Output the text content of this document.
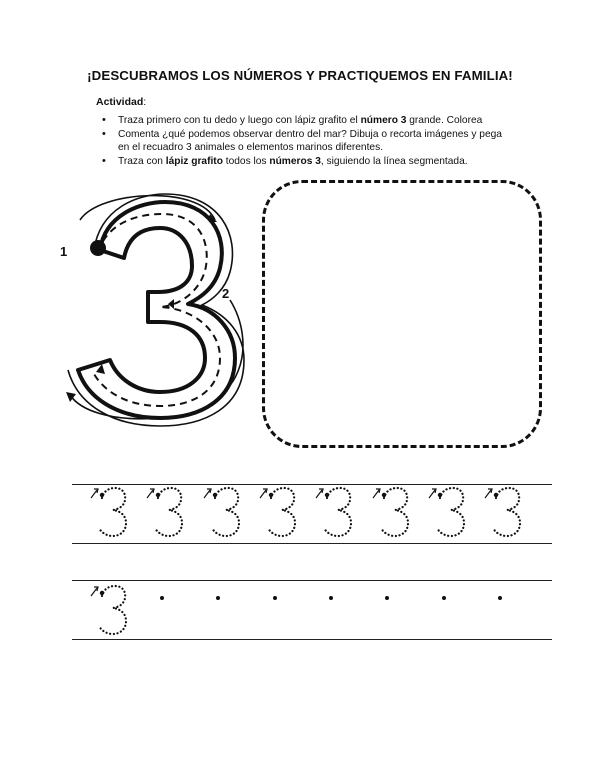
¡DESCUBRAMOS LOS NÚMEROS Y PRACTIQUEMOS EN FAMILIA!
Actividad:
• Traza primero con tu dedo y luego con lápiz grafito el número 3 grande. Colorea
• Comenta ¿qué podemos observar dentro del mar? Dibuja o recorta imágenes y pega en el recuadro 3 animales o elementos marinos diferentes.
• Traza con lápiz grafito todos los números 3, siguiendo la línea segmentada.
1
2
